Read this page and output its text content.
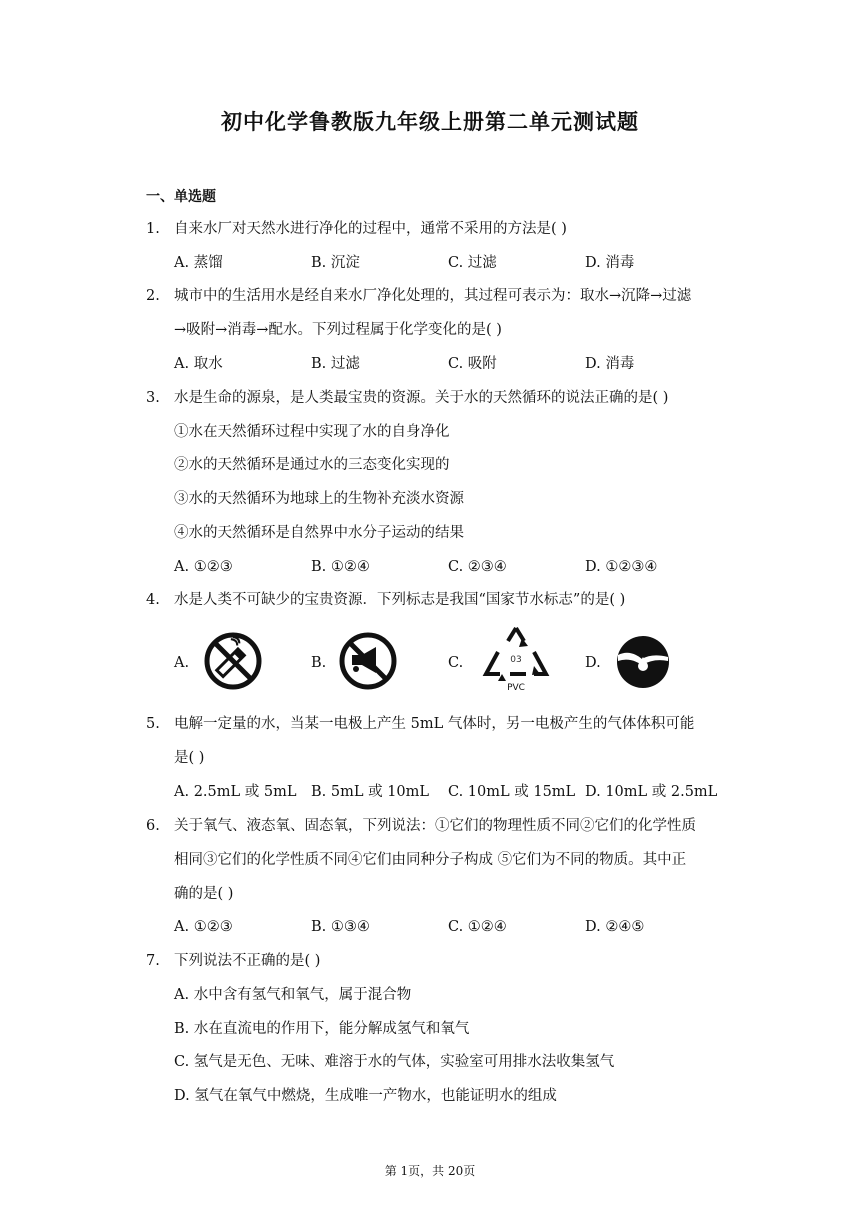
初中化学鲁教版九年级上册第二单元测试题
一、单选题
1. 自来水厂对天然水进行净化的过程中，通常不采用的方法是( )
A. 蒸馏	B. 沉淀	C. 过滤	D. 消毒
2. 城市中的生活用水是经自来水厂净化处理的，其过程可表示为：取水→沉降→过滤
→吸附→消毒→配水。下列过程属于化学变化的是( )
A. 取水	B. 过滤	C. 吸附	D. 消毒
3. 水是生命的源泉，是人类最宝贵的资源。关于水的天然循环的说法正确的是( )
①水在天然循环过程中实现了水的自身净化
②水的天然循环是通过水的三态变化实现的
③水的天然循环为地球上的生物补充淡水资源
④水的天然循环是自然界中水分子运动的结果
A. ①②③	B. ①②④	C. ②③④	D. ①②③④
4. 水是人类不可缺少的宝贵资源．下列标志是我国“国家节水标志”的是( )
A.	B.	C.	D.
03
PVC
5. 电解一定量的水，当某一电极上产生 5mL 气体时，另一电极产生的气体体积可能
是( )
A. 2.5mL 或 5mL B. 5mL 或 10mL C. 10mL 或 15mL D. 10mL 或 2.5mL
6. 关于氧气、液态氧、固态氧，下列说法：①它们的物理性质不同②它们的化学性质
相同③它们的化学性质不同④它们由同种分子构成 ⑤它们为不同的物质。其中正
确的是( )
A. ①②③	B. ①③④	C. ①②④	D. ②④⑤
7. 下列说法不正确的是( )
A. 水中含有氢气和氧气，属于混合物
B. 水在直流电的作用下，能分解成氢气和氧气
C. 氢气是无色、无味、难溶于水的气体，实验室可用排水法收集氢气
D. 氢气在氧气中燃烧，生成唯一产物水，也能证明水的组成
第 1页，共 20页
